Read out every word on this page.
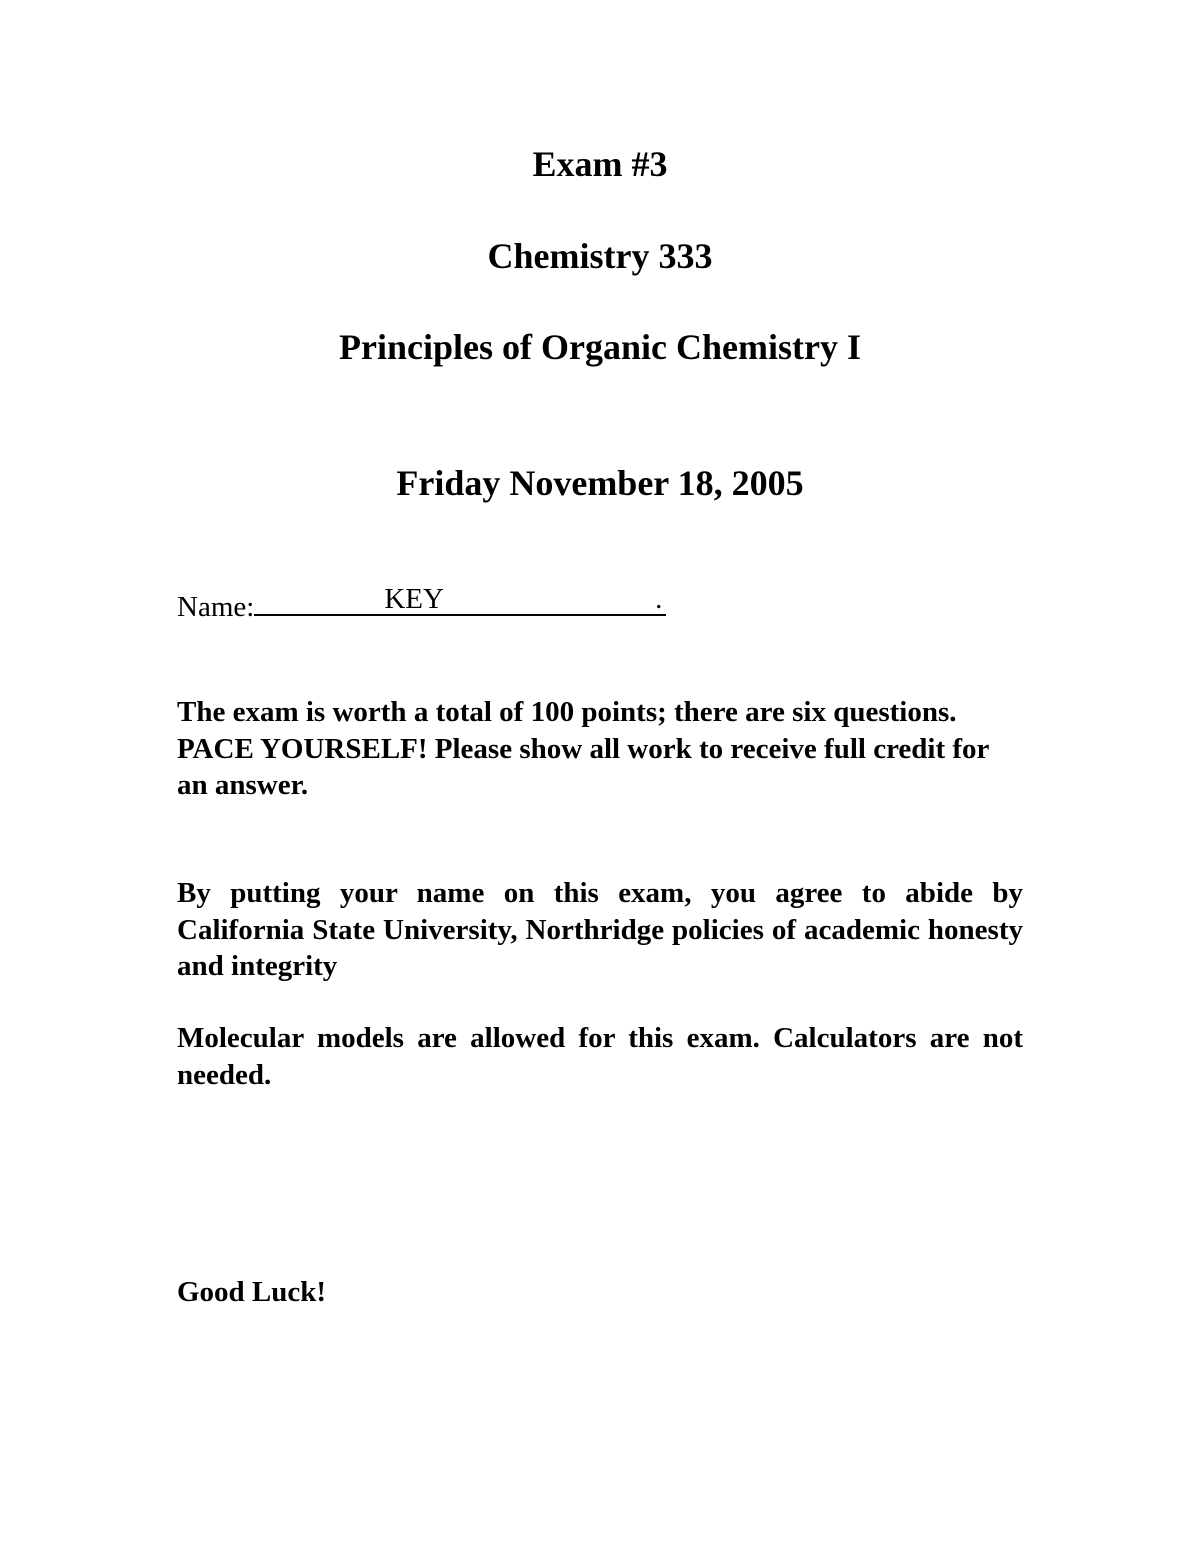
Exam #3
Chemistry 333
Principles of Organic Chemistry I
Friday November 18, 2005
Name:	KEY	.
The exam is worth a total of 100 points; there are six questions. PACE YOURSELF! Please show all work to receive full credit for an answer.
By putting your name on this exam, you agree to abide by California State University, Northridge policies of academic honesty and integrity
Molecular models are allowed for this exam. Calculators are not needed.
Good Luck!
